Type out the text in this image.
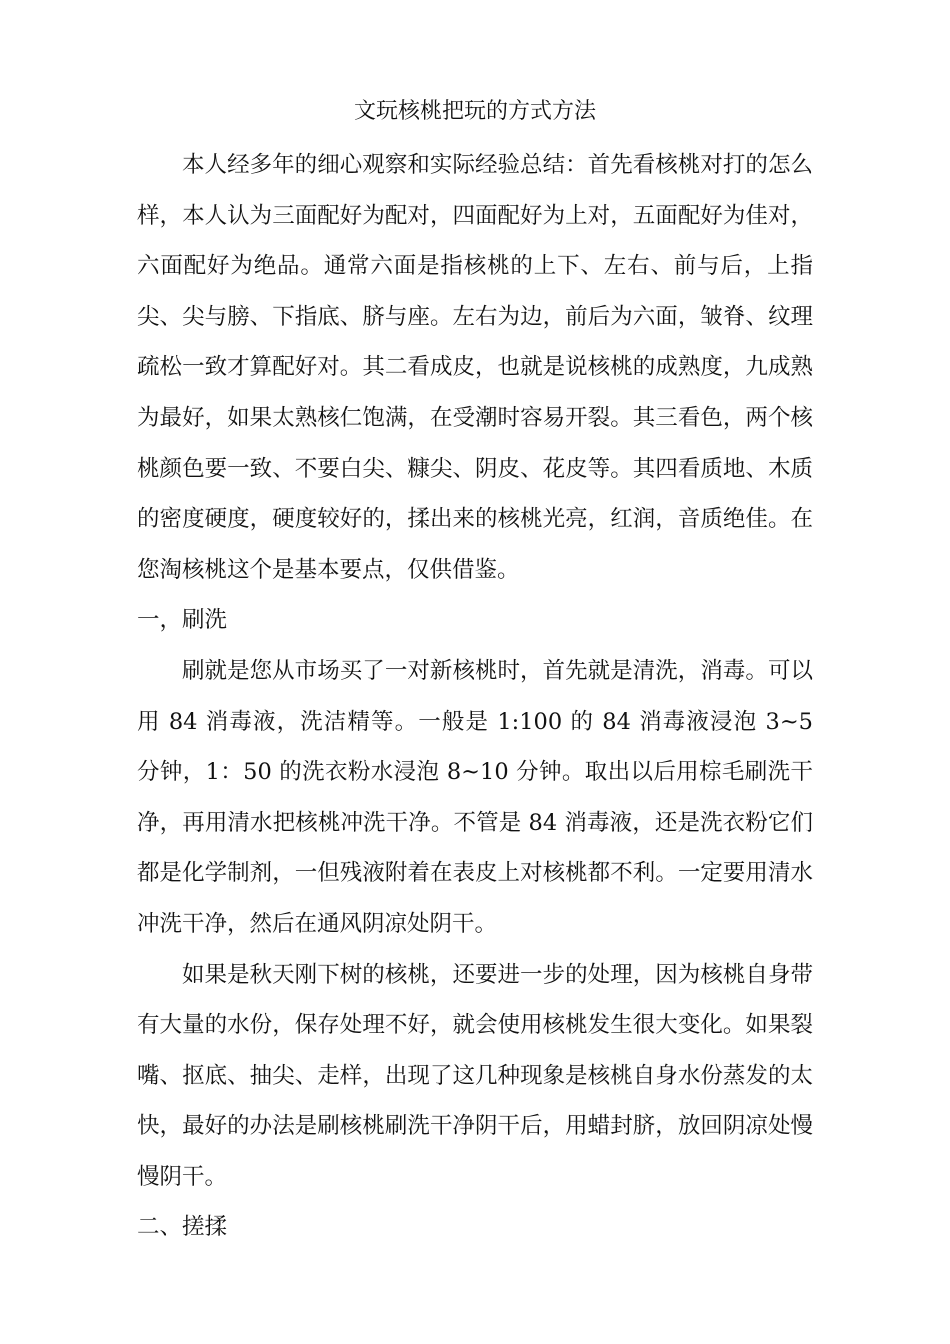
文玩核桃把玩的方式方法

本人经多年的细心观察和实际经验总结：首先看核桃对打的怎么样，本人认为三面配好为配对，四面配好为上对，五面配好为佳对，六面配好为绝品。通常六面是指核桃的上下、左右、前与后，上指尖、尖与膀、下指底、脐与座。左右为边，前后为六面，皱脊、纹理疏松一致才算配好对。其二看成皮，也就是说核桃的成熟度，九成熟为最好，如果太熟核仁饱满，在受潮时容易开裂。其三看色，两个核桃颜色要一致、不要白尖、糠尖、阴皮、花皮等。其四看质地、木质的密度硬度，硬度较好的，揉出来的核桃光亮，红润，音质绝佳。在您淘核桃这个是基本要点，仅供借鉴。

一，刷洗

刷就是您从市场买了一对新核桃时，首先就是清洗，消毒。可以用 84 消毒液，洗洁精等。一般是 1:100 的 84 消毒液浸泡 3~5 分钟，1：50 的洗衣粉水浸泡 8~10 分钟。取出以后用棕毛刷洗干净，再用清水把核桃冲洗干净。不管是 84 消毒液，还是洗衣粉它们都是化学制剂，一但残液附着在表皮上对核桃都不利。一定要用清水冲洗干净，然后在通风阴凉处阴干。

如果是秋天刚下树的核桃，还要进一步的处理，因为核桃自身带有大量的水份，保存处理不好，就会使用核桃发生很大变化。如果裂嘴、抠底、抽尖、走样，出现了这几种现象是核桃自身水份蒸发的太快，最好的办法是刷核桃刷洗干净阴干后，用蜡封脐，放回阴凉处慢慢阴干。

二、搓揉
